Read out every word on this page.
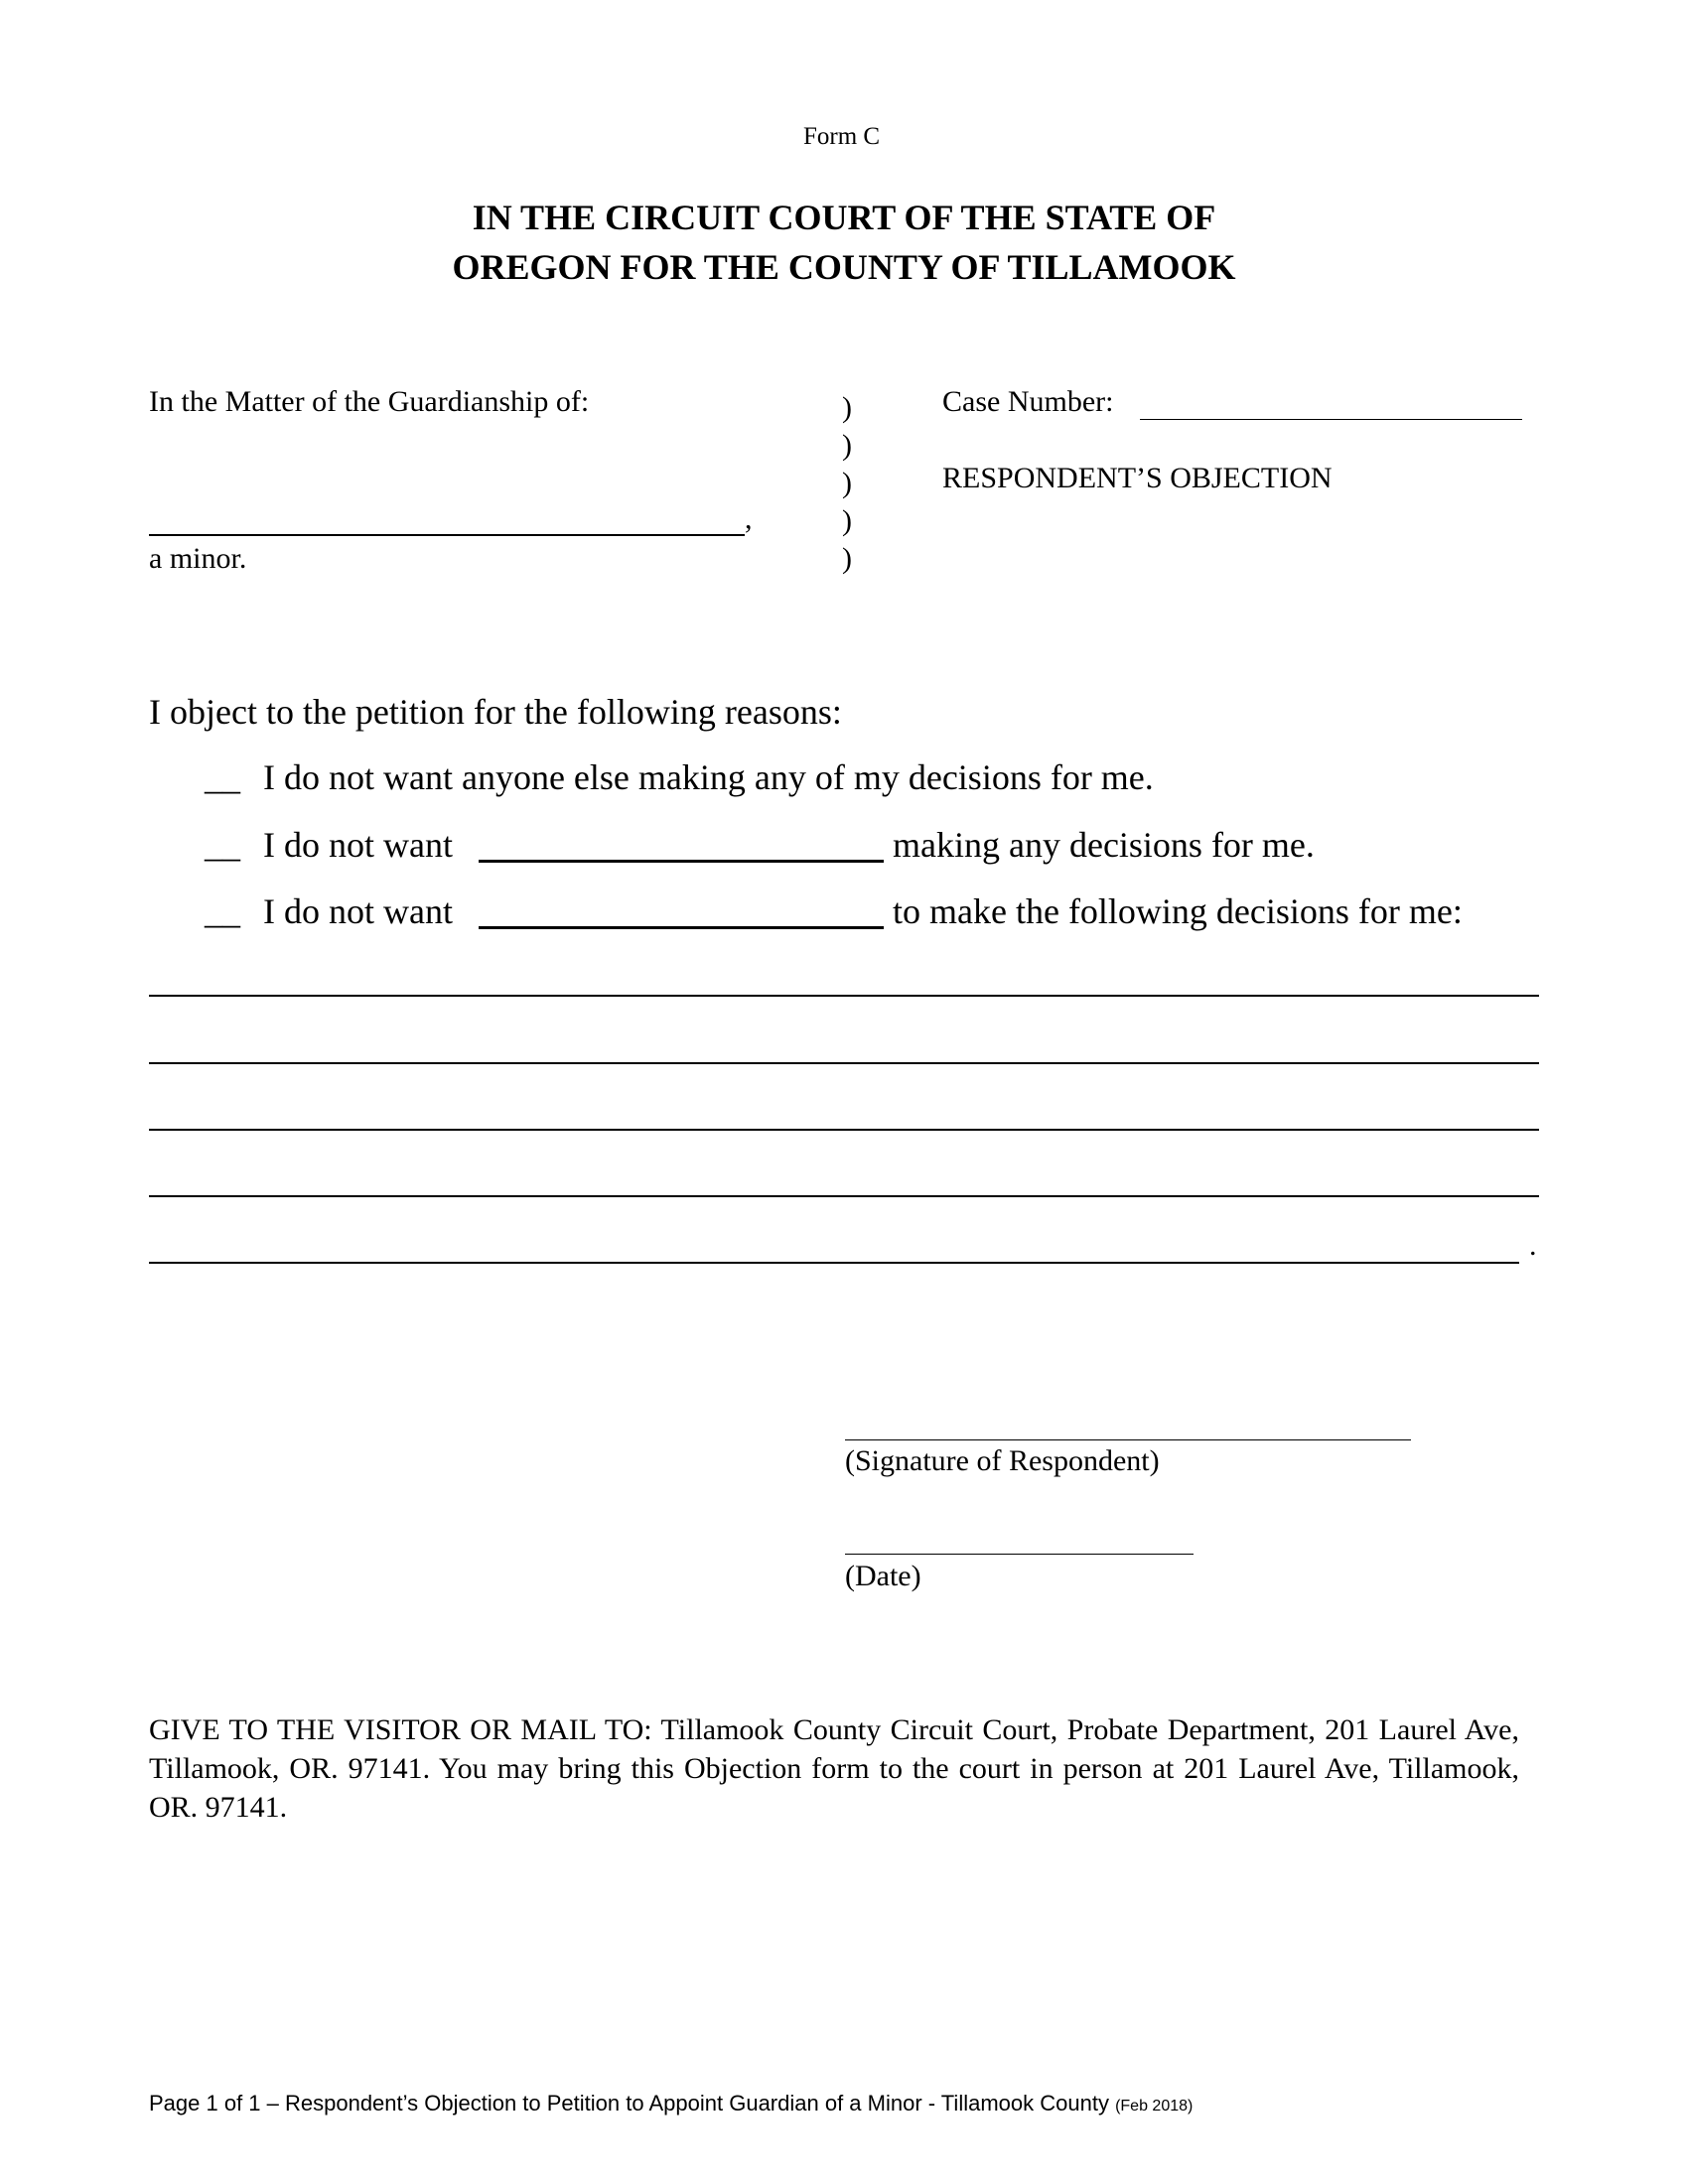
Form C
IN THE CIRCUIT COURT OF THE STATE OF
OREGON FOR THE COUNTY OF TILLAMOOK
In the Matter of the Guardianship of:
,
a minor.
)
)
)
)
)
Case Number:
RESPONDENT’S OBJECTION
I object to the petition for the following reasons:
__ I do not want anyone else making any of my decisions for me.
__ I do not want	making any decisions for me.
__ I do not want	to make the following decisions for me:
.
(Signature of Respondent)
(Date)
GIVE TO THE VISITOR OR MAIL TO: Tillamook County Circuit Court, Probate Department, 201 Laurel Ave, Tillamook, OR. 97141. You may bring this Objection form to the court in person at 201 Laurel Ave, Tillamook, OR. 97141.
Page 1 of 1 – Respondent’s Objection to Petition to Appoint Guardian of a Minor - Tillamook County (Feb 2018)
